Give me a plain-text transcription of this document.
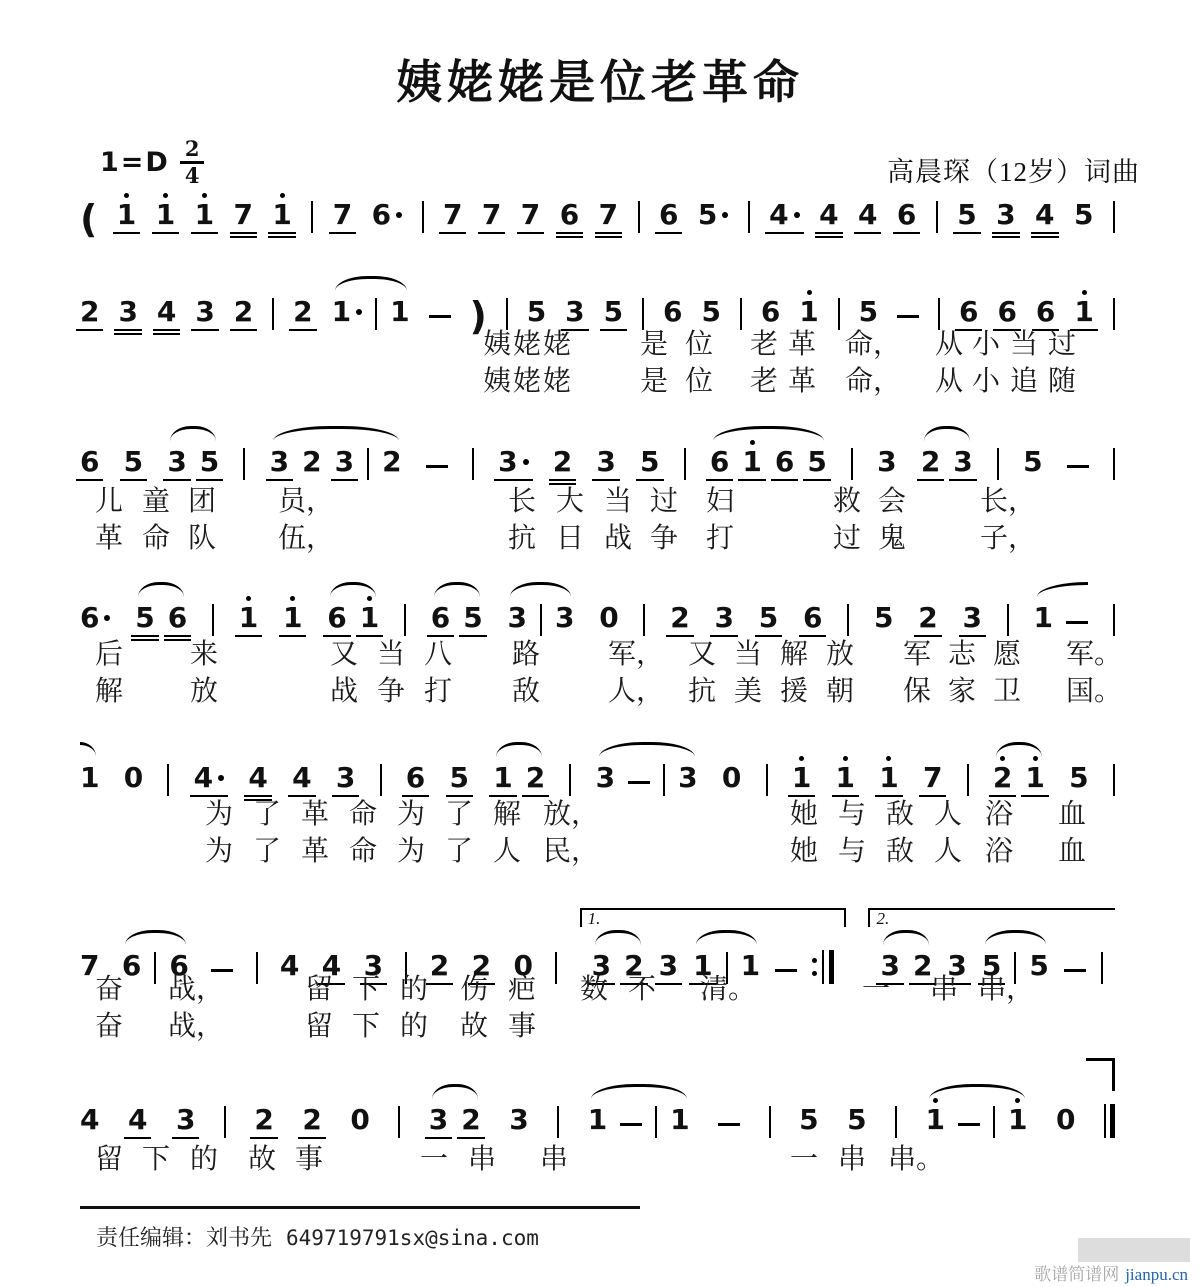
姨姥姥是位老革命
$1=D \frac{2}{4}$	高晨琛（12岁）词曲
( 1 1 1 7 1 7 6	7 7 7 6 7 6 5	4	4 4 6 5 3 4 5
2 3 4 3 2 2 1	1 ) 5 3 5 6 5 6 1 5	6 6 6 1
6 5 3 5 3 2 3 2	3	2 3 5 6 1 6 5 3 2 3 5
6	5 6 1 1 6 1 6 5 3 3 0 2 3 5 6 5 2 3 1
1 0 4	4 4 3 6 5 1 2 3 3 0 1 1 1 7 2 1 5
7 6 6	4 4 3 2 2 0
1.
3 2 3 1 1
2.
3 2 3 5 5
4 4 3 2 2 0 3 2 3 1 1	5 5 1 1 0
姨 姥 姥 是 位 老 革 命， 从 小 当 过
姨 姥 姥 是 位 老 革 命， 从 小 追 随
儿 童 团 员，	长 大 当 过 妇	救 会	长，
革 命 队 伍，	抗 日 战 争 打	过 鬼	子，
后 来	又 当 八 路 军， 又 当 解 放 军 志 愿 军。
解 放	战 争 打 敌 人， 抗 美 援 朝 保 家 卫 国。
为 了 革 命 为 了 解 放，	她 与 敌 人 浴 血
为 了 革 命 为 了 人 民，	她 与 敌 人 浴 血
奋 战，	留 下 的 伤 疤 数 不 清。	一 串 串，
奋 战，	留 下 的 故 事
留 下 的 故 事	一 串 串	一 串 串。
责任编辑：刘书先 649719791sx@sina.com
歌谱简谱网 jianpu.cn
